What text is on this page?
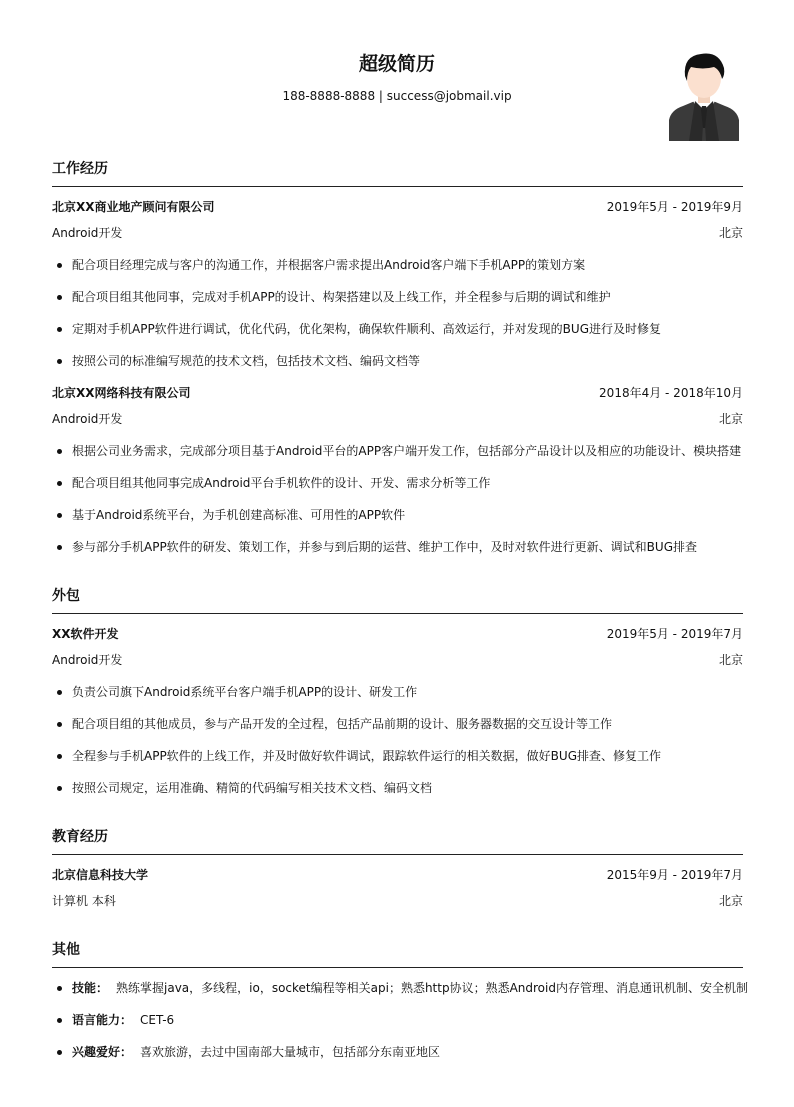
超级简历
188-8888-8888 | success@jobmail.vip
工作经历
北京XX商业地产顾问有限公司	2019年5月 - 2019年9月
Android开发	北京
配合项目经理完成与客户的沟通工作，并根据客户需求提出Android客户端下手机APP的策划方案
配合项目组其他同事，完成对手机APP的设计、构架搭建以及上线工作，并全程参与后期的调试和维护
定期对手机APP软件进行调试，优化代码，优化架构，确保软件顺利、高效运行，并对发现的BUG进行及时修复
按照公司的标准编写规范的技术文档，包括技术文档、编码文档等
北京XX网络科技有限公司	2018年4月 - 2018年10月
Android开发	北京
根据公司业务需求，完成部分项目基于Android平台的APP客户端开发工作，包括部分产品设计以及相应的功能设计、模块搭建
配合项目组其他同事完成Android平台手机软件的设计、开发、需求分析等工作
基于Android系统平台，为手机创建高标准、可用性的APP软件
参与部分手机APP软件的研发、策划工作，并参与到后期的运营、维护工作中，及时对软件进行更新、调试和BUG排查
外包
XX软件开发	2019年5月 - 2019年7月
Android开发	北京
负责公司旗下Android系统平台客户端手机APP的设计、研发工作
配合项目组的其他成员，参与产品开发的全过程，包括产品前期的设计、服务器数据的交互设计等工作
全程参与手机APP软件的上线工作，并及时做好软件调试，跟踪软件运行的相关数据，做好BUG排查、修复工作
按照公司规定，运用准确、精简的代码编写相关技术文档、编码文档
教育经历
北京信息科技大学	2015年9月 - 2019年7月
计算机 本科	北京
其他
技能： 熟练掌握java，多线程，io，socket编程等相关api；熟悉http协议；熟悉Android内存管理、消息通讯机制、安全机制
语言能力： CET-6
兴趣爱好： 喜欢旅游，去过中国南部大量城市，包括部分东南亚地区
